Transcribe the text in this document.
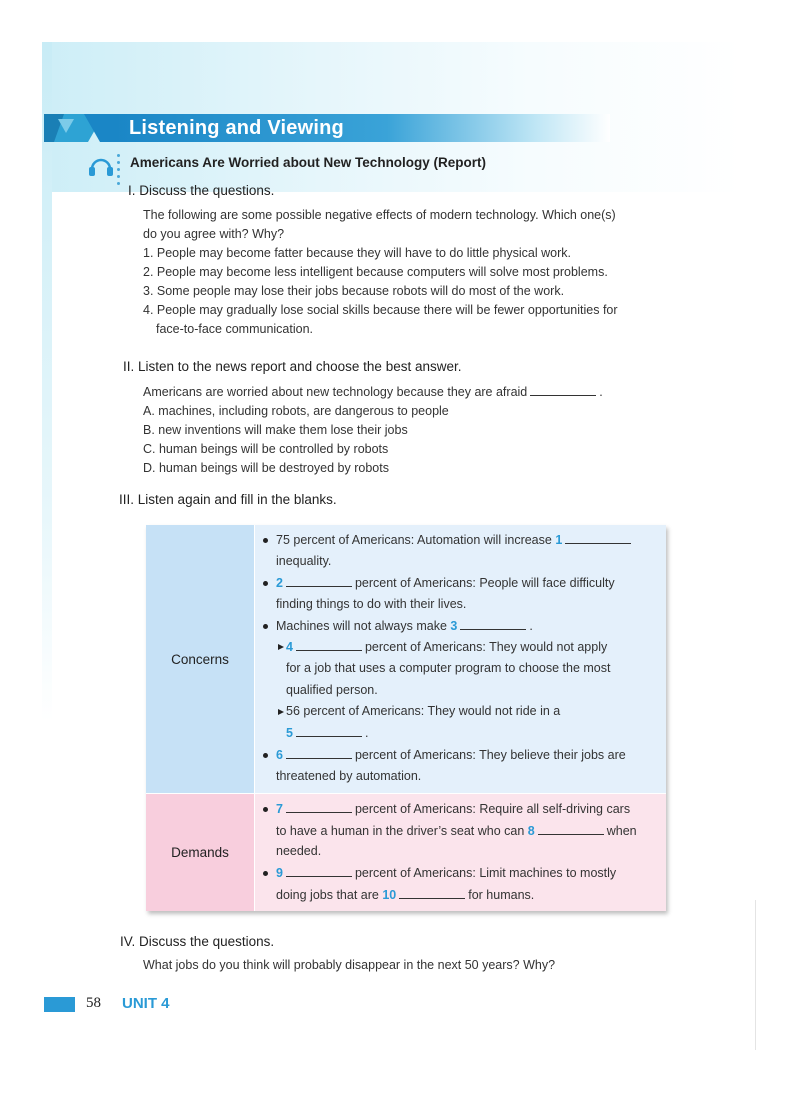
Listening and Viewing
Americans Are Worried about New Technology (Report)
I. Discuss the questions.

The following are some possible negative effects of modern technology. Which one(s)

do you agree with? Why?

1. People may become fatter because they will have to do little physical work.

2. People may become less intelligent because computers will solve most problems.

3. Some people may lose their jobs because robots will do most of the work.

4. People may gradually lose social skills because there will be fewer opportunities for

face-to-face communication.

II. Listen to the news report and choose the best answer.

Americans are worried about new technology because they are afraid	.

A. machines, including robots, are dangerous to people

B. new inventions will make them lose their jobs

C. human beings will be controlled by robots

D. human beings will be destroyed by robots

III. Listen again and fill in the blanks.
Concerns
75 percent of Americans: Automation will increase 1
inequality.
2	percent of Americans: People will face difficulty
finding things to do with their lives.
Machines will not always make 3	.
4	percent of Americans: They would not apply
for a job that uses a computer program to choose the most
qualified person.
56 percent of Americans: They would not ride in a
5	.
6	percent of Americans: They believe their jobs are
threatened by automation.
Demands
7	percent of Americans: Require all self-driving cars
to have a human in the driver’s seat who can 8	when
needed.
9	percent of Americans: Limit machines to mostly
doing jobs that are 10	for humans.
IV. Discuss the questions.
What jobs do you think will probably disappear in the next 50 years? Why?
58 UNIT 4
